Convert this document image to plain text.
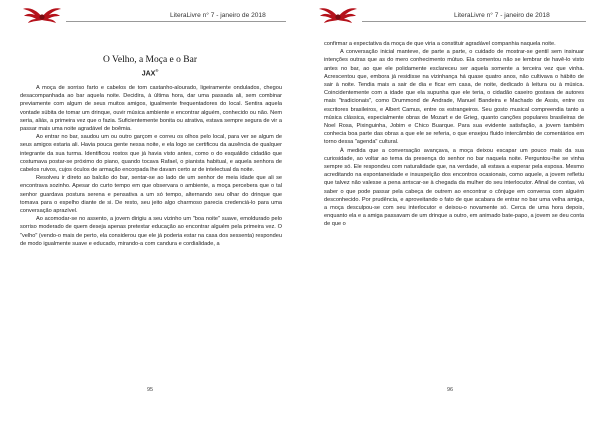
LiteraLivre n° 7 - janeiro de 2018
O Velho, a Moça e o Bar
JAX®

A moça de sorriso farto e cabelos de tom castanho-alourado, ligeiramente ondulados, chegou desacompanhada ao bar aquela noite. Decidira, à última hora, dar uma passada ali, sem combinar previamente com algum de seus muitos amigos, igualmente frequentadores do local. Sentira aquela vontade súbita de tomar um drinque, ouvir música ambiente e encontrar alguém, conhecido ou não. Nem seria, aliás, a primeira vez que o fazia. Suficientemente bonita ou atrativa, estava sempre segura de vir a passar mais uma noite agradável de boêmia.

Ao entrar no bar, saudou um ou outro garçom e correu os olhos pelo local, para ver se algum de seus amigos estaria ali. Havia pouca gente nessa noite, e ela logo se certificou da ausência de qualquer integrante da sua turma. Identificou rostos que já havia visto antes, como o do esquálido cidadão que costumava postar-se próximo do piano, quando tocava Rafael, o pianista habitual, e aquela senhora de cabelos ruivos, cujos óculos de armação encorpada lhe davam certo ar de intelectual da noite.

Resolveu ir direto ao balcão do bar, sentar-se ao lado de um senhor de meia idade que ali se encontrava sozinho. Apesar do curto tempo em que observara o ambiente, a moça percebera que o tal senhor guardava postura serena e pensativa a um só tempo, alternando seu olhar do drinque que tomava para o espelho diante de si. De resto, seu jeito algo charmoso parecia credenciá-lo para uma conversação aprazível.

Ao acomodar-se no assento, a jovem dirigiu a seu vizinho um "boa noite" suave, emoldurado pelo sorriso moderado de quem deseja apenas pretextar educação ao encontrar alguém pela primeira vez. O "velho" (vendo-o mais de perto, ela considerou que ele já poderia estar na casa dos sessenta) respondeu de modo igualmente suave e educado, mirando-a com candura e cordialidade, a

95
LiteraLivre n° 7 - janeiro de 2018

confirmar a expectativa da moça de que viria a constituir agradável companhia naquela noite.

A conversação inicial manteve, de parte a parte, o cuidado de mostrar-se gentil sem insinuar intenções outras que as do mero conhecimento mútuo. Ela comentou não se lembrar de havê-lo visto antes no bar, ao que ele polidamente esclareceu ser aquela somente a terceira vez que vinha. Acrescentou que, embora já residisse na vizinhança há quase quatro anos, não cultivava o hábito de sair à noite. Tendia mais a sair de dia e ficar em casa, de noite, dedicado à leitura ou à música. Coincidentemente com a idade que ela supunha que ele teria, o cidadão caseiro gostava de autores mais "tradicionais", como Drummond de Andrade, Manuel Bandeira e Machado de Assis, entre os escritores brasileiros, e Albert Camus, entre os estrangeiros. Seu gosto musical compreendia tanto a música clássica, especialmente obras de Mozart e de Grieg, quanto canções populares brasileiras de Noel Rosa, Pixinguinha, Jobim e Chico Buarque. Para sua evidente satisfação, a jovem também conhecia boa parte das obras a que ele se referia, o que ensejou fluido intercâmbio de comentários em torno dessa "agenda" cultural.

À medida que a conversação avançava, a moça deixou escapar um pouco mais da sua curiosidade, ao voltar ao tema da presença do senhor no bar naquela noite. Perguntou-lhe se vinha sempre só. Ele respondeu com naturalidade que, na verdade, ali estava a esperar pela esposa. Mesmo acreditando na espontaneidade e insuspeição dos encontros ocasionais, como aquele, a jovem refletiu que talvez não valesse a pena arriscar-se à chegada da mulher do seu interlocutor. Afinal de contas, vá saber o que pode passar pela cabeça de outrem ao encontrar o cônjuge em conversa com alguém desconhecido. Por prudência, e aproveitando o fato de que acabara de entrar no bar uma velha amiga, a moça desculpou-se com seu interlocutor e deixou-o novamente só. Cerca de uma hora depois, enquanto ela e a amiga passavam de um drinque a outro, em animado bate-papo, a jovem se deu conta de que o

96
